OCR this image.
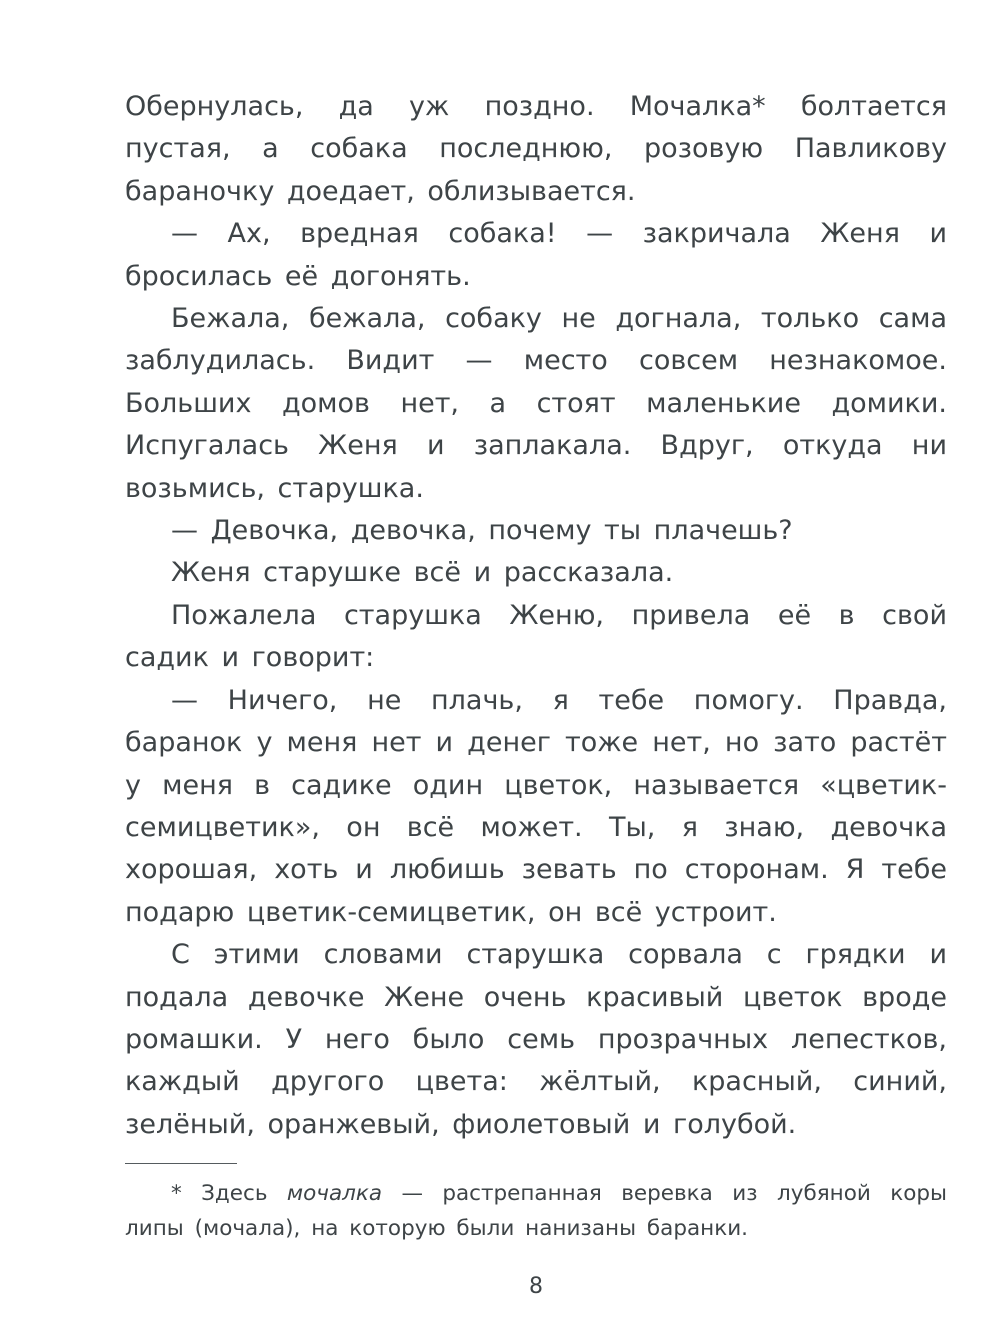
Обернулась, да уж поздно. Мочалка* болтается пустая, а собака последнюю, розовую Павликову бараночку доедает, облизывается.

— Ах, вредная собака! — закричала Женя и бросилась её догонять.

Бежала, бежала, собаку не догнала, только сама заблудилась. Видит — место совсем незнакомое. Больших домов нет, а стоят маленькие домики. Испугалась Женя и заплакала. Вдруг, откуда ни возьмись, старушка.

— Девочка, девочка, почему ты плачешь?

Женя старушке всё и рассказала.

Пожалела старушка Женю, привела её в свой садик и говорит:

— Ничего, не плачь, я тебе помогу. Правда, баранок у меня нет и денег тоже нет, но зато растёт у меня в садике один цветок, называется «цветик-семицветик», он всё может. Ты, я знаю, девочка хорошая, хоть и любишь зевать по сторонам. Я тебе подарю цветик-семицветик, он всё устроит.

С этими словами старушка сорвала с грядки и подала девочке Жене очень красивый цветок вроде ромашки. У него было семь прозрачных лепестков, каждый другого цвета: жёлтый, красный, синий, зелёный, оранжевый, фиолетовый и голубой.

* Здесь мочалка — растрепанная веревка из лубяной коры липы (мочала), на которую были нанизаны баранки.

8
